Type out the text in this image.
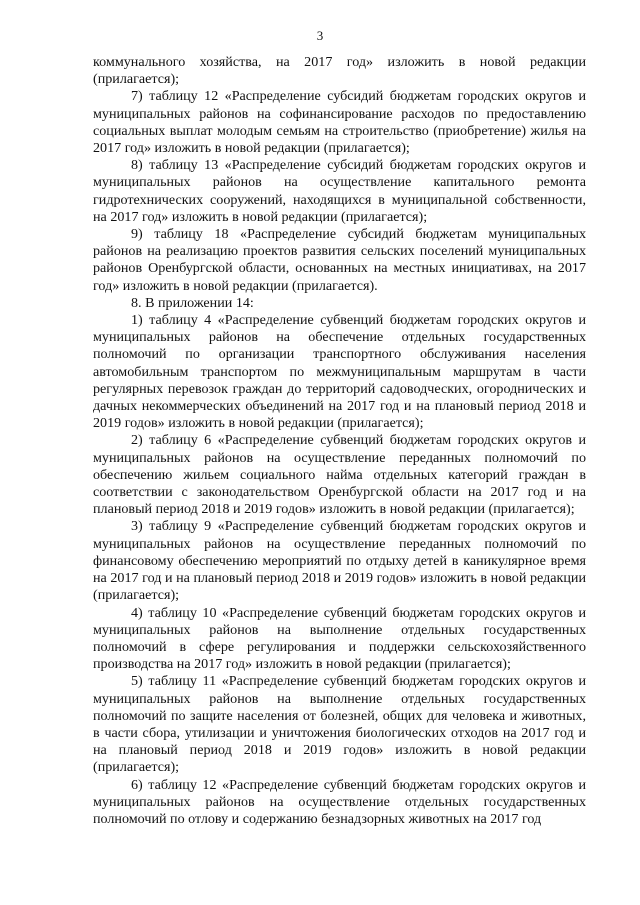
3

коммунального хозяйства, на 2017 год» изложить в новой редакции (прилагается);

7) таблицу 12 «Распределение субсидий бюджетам городских округов и муниципальных районов на софинансирование расходов по предоставлению социальных выплат молодым семьям на строительство (приобретение) жилья на 2017 год» изложить в новой редакции (прилагается);

8) таблицу 13 «Распределение субсидий бюджетам городских округов и муниципальных районов на осуществление капитального ремонта гидротехнических сооружений, находящихся в муниципальной собственности, на 2017 год» изложить в новой редакции (прилагается);

9) таблицу 18 «Распределение субсидий бюджетам муниципальных районов на реализацию проектов развития сельских поселений муниципальных районов Оренбургской области, основанных на местных инициативах, на 2017 год» изложить в новой редакции (прилагается).

8. В приложении 14:

1) таблицу 4 «Распределение субвенций бюджетам городских округов и муниципальных районов на обеспечение отдельных государственных полномочий по организации транспортного обслуживания населения автомобильным транспортом по межмуниципальным маршрутам в части регулярных перевозок граждан до территорий садоводческих, огороднических и дачных некоммерческих объединений на 2017 год и на плановый период 2018 и 2019 годов» изложить в новой редакции (прилагается);

2) таблицу 6 «Распределение субвенций бюджетам городских округов и муниципальных районов на осуществление переданных полномочий по обеспечению жильем социального найма отдельных категорий граждан в соответствии с законодательством Оренбургской области на 2017 год и на плановый период 2018 и 2019 годов» изложить в новой редакции (прилагается);

3) таблицу 9 «Распределение субвенций бюджетам городских округов и муниципальных районов на осуществление переданных полномочий по финансовому обеспечению мероприятий по отдыху детей в каникулярное время на 2017 год и на плановый период 2018 и 2019 годов» изложить в новой редакции (прилагается);

4) таблицу 10 «Распределение субвенций бюджетам городских округов и муниципальных районов на выполнение отдельных государственных полномочий в сфере регулирования и поддержки сельскохозяйственного производства на 2017 год» изложить в новой редакции (прилагается);

5) таблицу 11 «Распределение субвенций бюджетам городских округов и муниципальных районов на выполнение отдельных государственных полномочий по защите населения от болезней, общих для человека и животных, в части сбора, утилизации и уничтожения биологических отходов на 2017 год и на плановый период 2018 и 2019 годов» изложить в новой редакции (прилагается);

6) таблицу 12 «Распределение субвенций бюджетам городских округов и муниципальных районов на осуществление отдельных государственных полномочий по отлову и содержанию безнадзорных животных на 2017 год
